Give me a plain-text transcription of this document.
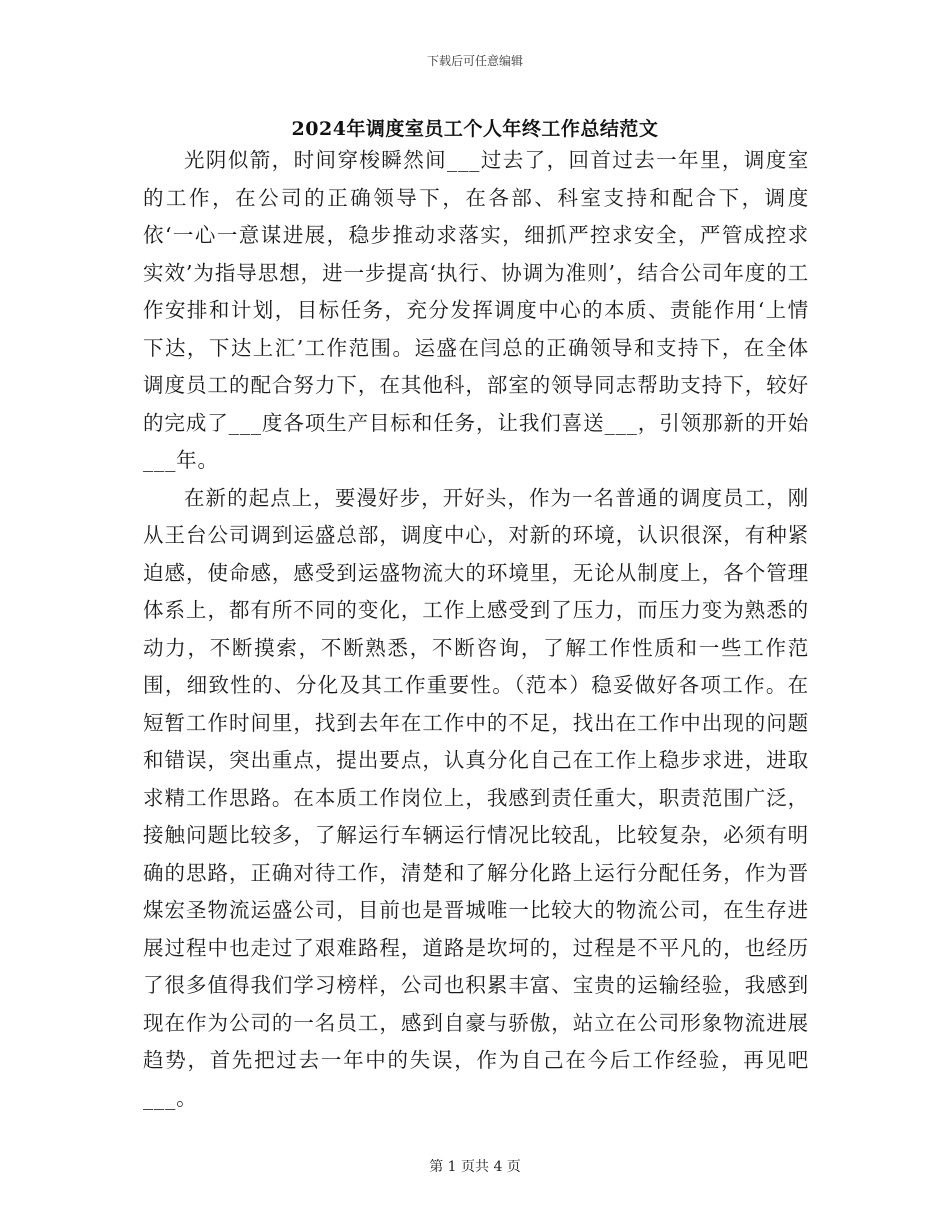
下载后可任意编辑
2024年调度室员工个人年终工作总结范文

光阴似箭，时间穿梭瞬然间___过去了，回首过去一年里，调度室的工作，在公司的正确领导下，在各部、科室支持和配合下，调度依‘一心一意谋进展，稳步推动求落实，细抓严控求安全，严管成控求实效’为指导思想，进一步提高‘执行、协调为准则’，结合公司年度的工作安排和计划，目标任务，充分发挥调度中心的本质、责能作用‘上情下达，下达上汇’工作范围。运盛在闫总的正确领导和支持下，在全体调度员工的配合努力下，在其他科，部室的领导同志帮助支持下，较好的完成了___度各项生产目标和任务，让我们喜送___，引领那新的开始___年。

在新的起点上，要漫好步，开好头，作为一名普通的调度员工，刚从王台公司调到运盛总部，调度中心，对新的环境，认识很深，有种紧迫感，使命感，感受到运盛物流大的环境里，无论从制度上，各个管理体系上，都有所不同的变化，工作上感受到了压力，而压力变为熟悉的动力，不断摸索，不断熟悉，不断咨询，了解工作性质和一些工作范围，细致性的、分化及其工作重要性。（范本）稳妥做好各项工作。在短暂工作时间里，找到去年在工作中的不足，找出在工作中出现的问题和错误，突出重点，提出要点，认真分化自己在工作上稳步求进，进取求精工作思路。在本质工作岗位上，我感到责任重大，职责范围广泛，接触问题比较多，了解运行车辆运行情况比较乱，比较复杂，必须有明确的思路，正确对待工作，清楚和了解分化路上运行分配任务，作为晋煤宏圣物流运盛公司，目前也是晋城唯一比较大的物流公司，在生存进展过程中也走过了艰难路程，道路是坎坷的，过程是不平凡的，也经历了很多值得我们学习榜样，公司也积累丰富、宝贵的运输经验，我感到现在作为公司的一名员工，感到自豪与骄傲，站立在公司形象物流进展趋势，首先把过去一年中的失误，作为自己在今后工作经验，再见吧___。

第 1 页共 4 页
